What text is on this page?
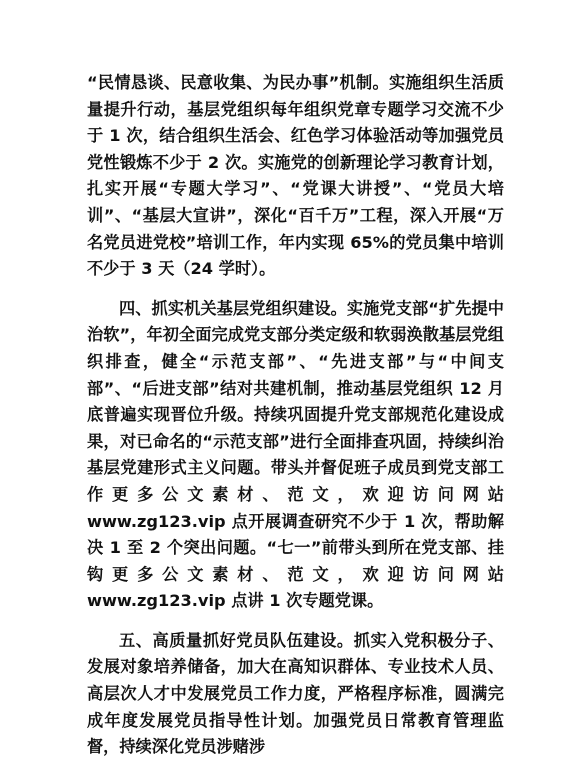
“民情恳谈、民意收集、为民办事”机制。实施组织生活质量提升行动，基层党组织每年组织党章专题学习交流不少于 1 次，结合组织生活会、红色学习体验活动等加强党员党性锻炼不少于 2 次。实施党的创新理论学习教育计划，扎实开展“专题大学习”、“党课大讲授”、“党员大培训”、“基层大宣讲”，深化“百千万”工程，深入开展“万名党员进党校”培训工作，年内实现 65%的党员集中培训不少于 3 天（24 学时）。

四、抓实机关基层党组织建设。实施党支部“扩先提中治软”，年初全面完成党支部分类定级和软弱涣散基层党组织排查，健全“示范支部”、“先进支部”与“中间支部”、“后进支部”结对共建机制，推动基层党组织 12 月底普遍实现晋位升级。持续巩固提升党支部规范化建设成果，对已命名的“示范支部”进行全面排查巩固，持续纠治基层党建形式主义问题。带头并督促班子成员到党支部工作更多公文素材、范文，欢迎访问网站 www.zg123.vip 点开展调查研究不少于 1 次，帮助解决 1 至 2 个突出问题。“七一”前带头到所在党支部、挂钩更多公文素材、范文，欢迎访问网站 www.zg123.vip 点讲 1 次专题党课。

五、高质量抓好党员队伍建设。抓实入党积极分子、发展对象培养储备，加大在高知识群体、专业技术人员、高层次人才中发展党员工作力度，严格程序标准，圆满完成年度发展党员指导性计划。加强党员日常教育管理监督，持续深化党员涉赌涉
